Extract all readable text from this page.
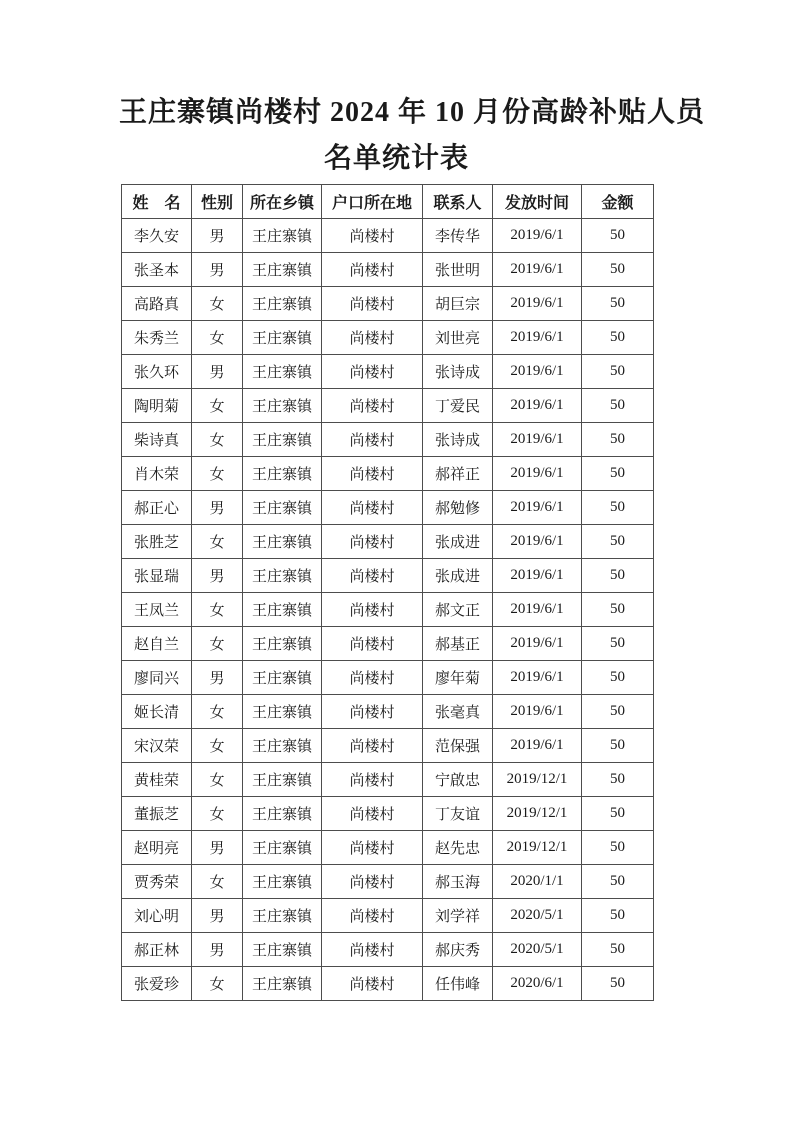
王庄寨镇尚楼村 2024 年 10 月份高龄补贴人员
名单统计表
姓　名	性别	所在乡镇	户口所在地	联系人	发放时间	金额
李久安	男	王庄寨镇	尚楼村	李传华	2019/6/1	50
张圣本	男	王庄寨镇	尚楼村	张世明	2019/6/1	50
高路真	女	王庄寨镇	尚楼村	胡巨宗	2019/6/1	50
朱秀兰	女	王庄寨镇	尚楼村	刘世亮	2019/6/1	50
张久环	男	王庄寨镇	尚楼村	张诗成	2019/6/1	50
陶明菊	女	王庄寨镇	尚楼村	丁爱民	2019/6/1	50
柴诗真	女	王庄寨镇	尚楼村	张诗成	2019/6/1	50
肖木荣	女	王庄寨镇	尚楼村	郝祥正	2019/6/1	50
郝正心	男	王庄寨镇	尚楼村	郝勉修	2019/6/1	50
张胜芝	女	王庄寨镇	尚楼村	张成进	2019/6/1	50
张显瑞	男	王庄寨镇	尚楼村	张成进	2019/6/1	50
王凤兰	女	王庄寨镇	尚楼村	郝文正	2019/6/1	50
赵自兰	女	王庄寨镇	尚楼村	郝基正	2019/6/1	50
廖同兴	男	王庄寨镇	尚楼村	廖年菊	2019/6/1	50
姬长清	女	王庄寨镇	尚楼村	张毫真	2019/6/1	50
宋汉荣	女	王庄寨镇	尚楼村	范保强	2019/6/1	50
黄桂荣	女	王庄寨镇	尚楼村	宁啟忠	2019/12/1	50
董振芝	女	王庄寨镇	尚楼村	丁友谊	2019/12/1	50
赵明亮	男	王庄寨镇	尚楼村	赵先忠	2019/12/1	50
贾秀荣	女	王庄寨镇	尚楼村	郝玉海	2020/1/1	50
刘心明	男	王庄寨镇	尚楼村	刘学祥	2020/5/1	50
郝正林	男	王庄寨镇	尚楼村	郝庆秀	2020/5/1	50
张爱珍	女	王庄寨镇	尚楼村	任伟峰	2020/6/1	50
